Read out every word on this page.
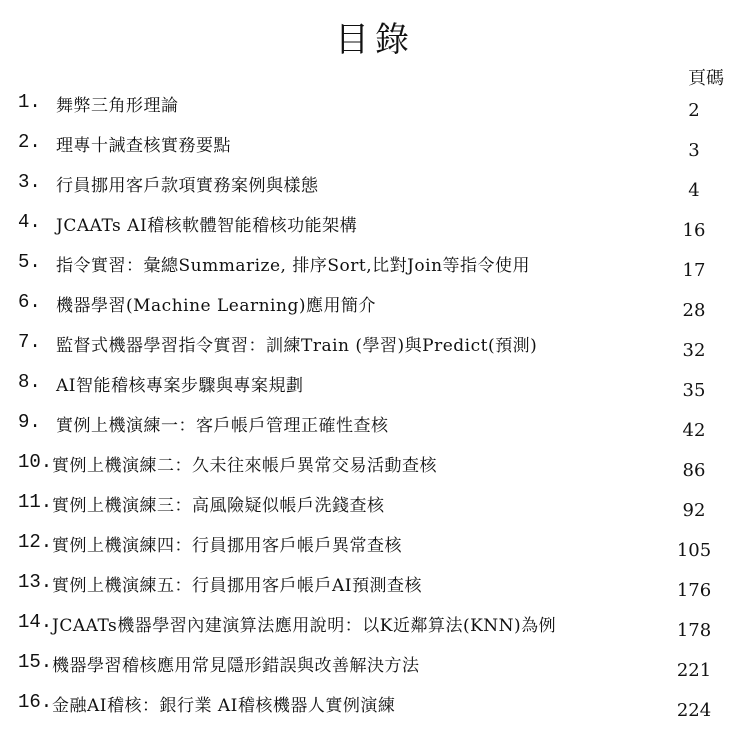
目錄
頁碼
1. 舞弊三角形理論	2
2. 理專十誡查核實務要點	3
3. 行員挪用客戶款項實務案例與樣態	4
4. JCAATs AI稽核軟體智能稽核功能架構	16
5. 指令實習：彙總Summarize, 排序Sort,比對Join等指令使用	17
6. 機器學習(Machine Learning)應用簡介	28
7. 監督式機器學習指令實習：訓練Train (學習)與Predict(預測)	32
8. AI智能稽核專案步驟與專案規劃	35
9. 實例上機演練一：客戶帳戶管理正確性查核	42
10. 實例上機演練二：久未往來帳戶異常交易活動查核	86
11. 實例上機演練三：高風險疑似帳戶洗錢查核	92
12. 實例上機演練四：行員挪用客戶帳戶異常查核	105
13. 實例上機演練五：行員挪用客戶帳戶AI預測查核	176
14. JCAATs機器學習內建演算法應用說明：以K近鄰算法(KNN)為例	178
15. 機器學習稽核應用常見隱形錯誤與改善解決方法	221
16. 金融AI稽核：銀行業 AI稽核機器人實例演練	224
